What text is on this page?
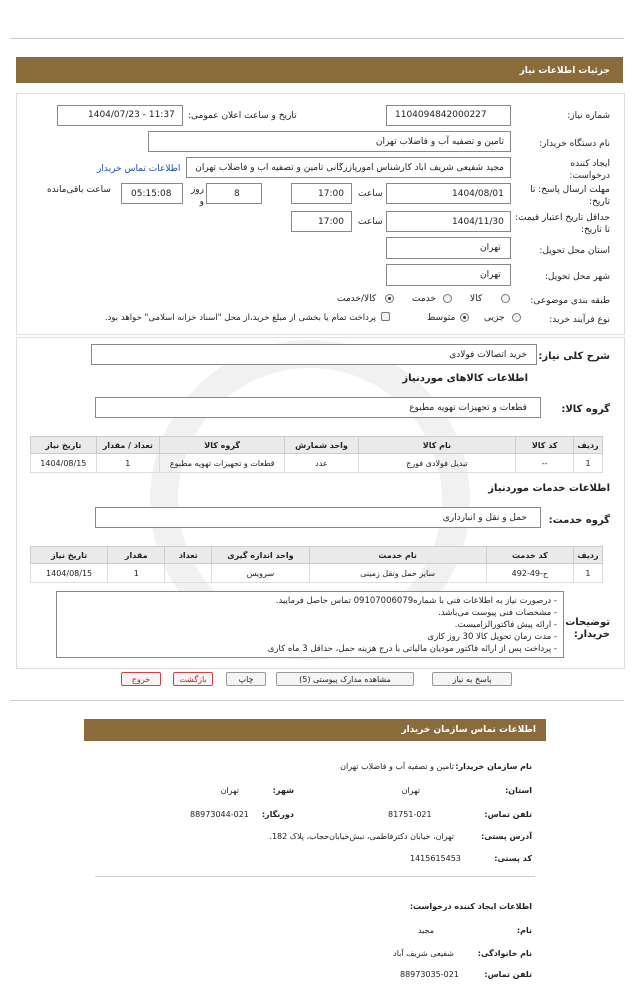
جزئیات اطلاعات نیاز
شماره نیاز:
1104094842000227
تاریخ و ساعت اعلان عمومی:
1404/07/23 - 11:37
نام دستگاه خریدار:
تامین و تصفیه آب و فاضلاب تهران
ایجاد کننده درخواست:
مجید شفیعی شریف آباد کارشناس امورپازرگانی تامین و تصفیه آب و فاضلاب تهران
اطلاعات تماس خریدار
مهلت ارسال پاسخ: تا تاریخ:
1404/08/01
ساعت
17:00
روز و
8
05:15:08
ساعت باقی‌مانده
حداقل تاریخ اعتبار قیمت: تا تاریخ:
1404/11/30
ساعت
17:00
استان محل تحویل:
تهران
شهر محل تحویل:
تهران
طبقه بندی موضوعی:
کالا
خدمت
کالا/خدمت
نوع فرآیند خرید:
جزیی
متوسط
پرداخت تمام یا بخشی از مبلغ خرید،از محل "اسناد خزانه اسلامی" خواهد بود.
شرح کلی نیاز:
خرید اتصالات فولادی
اطلاعات کالاهای موردنیاز
گروه کالا:
قطعات و تجهیزات تهویه مطبوع
ردیف	کد کالا	نام کالا	واحد شمارش	گروه کالا	تعداد / مقدار	تاریخ نیاز
1	--	تبدیل فولادی فورج	عدد	قطعات و تجهیزات تهویه مطبوع	1	1404/08/15
اطلاعات خدمات موردنیاز
گروه خدمت:
حمل و نقل و انبارداری
ردیف	کد خدمت	نام خدمت	واحد اندازه گیری	تعداد	مقدار	تاریخ نیاز
1	ح-49-492	سایر حمل ونقل زمینی	سرویس		1	1404/08/15
توضیحات خریدار:
- درصورت نیاز به اطلاعات فنی با شماره09107006079 تماس حاصل فرمایید.
- مشخصات فنی پیوست می‌باشد.
- ارائه پیش فاکتورالزامیست.
- مدت زمان تحویل کالا 30 روز کاری
- پرداخت پس از ارائه فاکتور مودیان مالیاتی با درج هزینه حمل، حداقل 3 ماه کاری
پاسخ به نیاز
مشاهده مدارک پیوستی (5)
چاپ
بازگشت
خروج
اطلاعات تماس سازمان خریدار
نام سازمان خریدار:
تامین و تصفیه آب و فاضلاب تهران
استان:
تهران
شهر:
تهران
تلفن تماس:
81751-021
دورنگار:
88973044-021
آدرس پستی:
تهران، خیابان دکترفاطمی، نبش‌خیابان‌حجاب، پلاک 182.
کد پستی:
1415615453
اطلاعات ایجاد کننده درخواست:
نام:
مجید
نام خانوادگی:
شفیعی شریف آباد
تلفن تماس:
88973035-021
